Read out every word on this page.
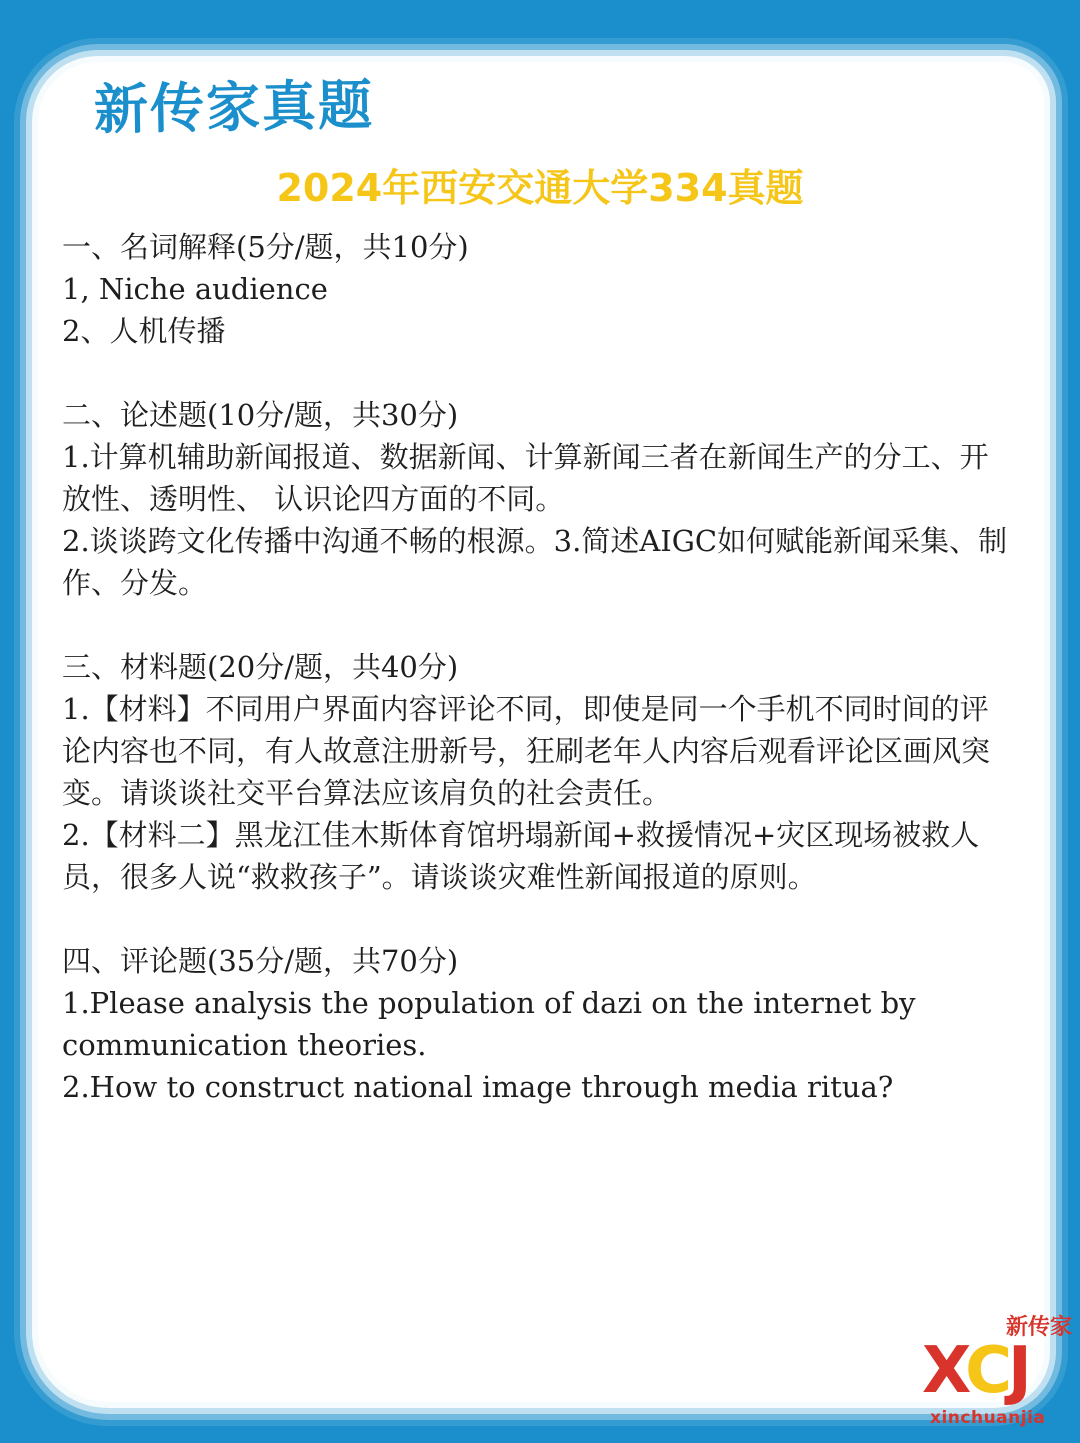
新传家真题
2024年西安交通大学334真题
一、名词解释(5分/题，共10分)
1, Niche audience
2、人机传播
二、论述题(10分/题，共30分)
1.计算机辅助新闻报道、数据新闻、计算新闻三者在新闻生产的分工、开放性、透明性、 认识论四方面的不同。
2.谈谈跨文化传播中沟通不畅的根源。3.简述AIGC如何赋能新闻采集、制作、分发。
三、材料题(20分/题，共40分)
1.【材料】不同用户界面内容评论不同，即使是同一个手机不同时间的评论内容也不同，有人故意注册新号，狂刷老年人内容后观看评论区画风突变。请谈谈社交平台算法应该肩负的社会责任。
2.【材料二】黑龙江佳木斯体育馆坍塌新闻+救援情况+灾区现场被救人员，很多人说“救救孩子”。请谈谈灾难性新闻报道的原则。
四、评论题(35分/题，共70分)
1.Please analysis the population of dazi on the internet by communication theories.
2.How to construct national image through media ritua?
新传家
XCJ
xinchuanjia
